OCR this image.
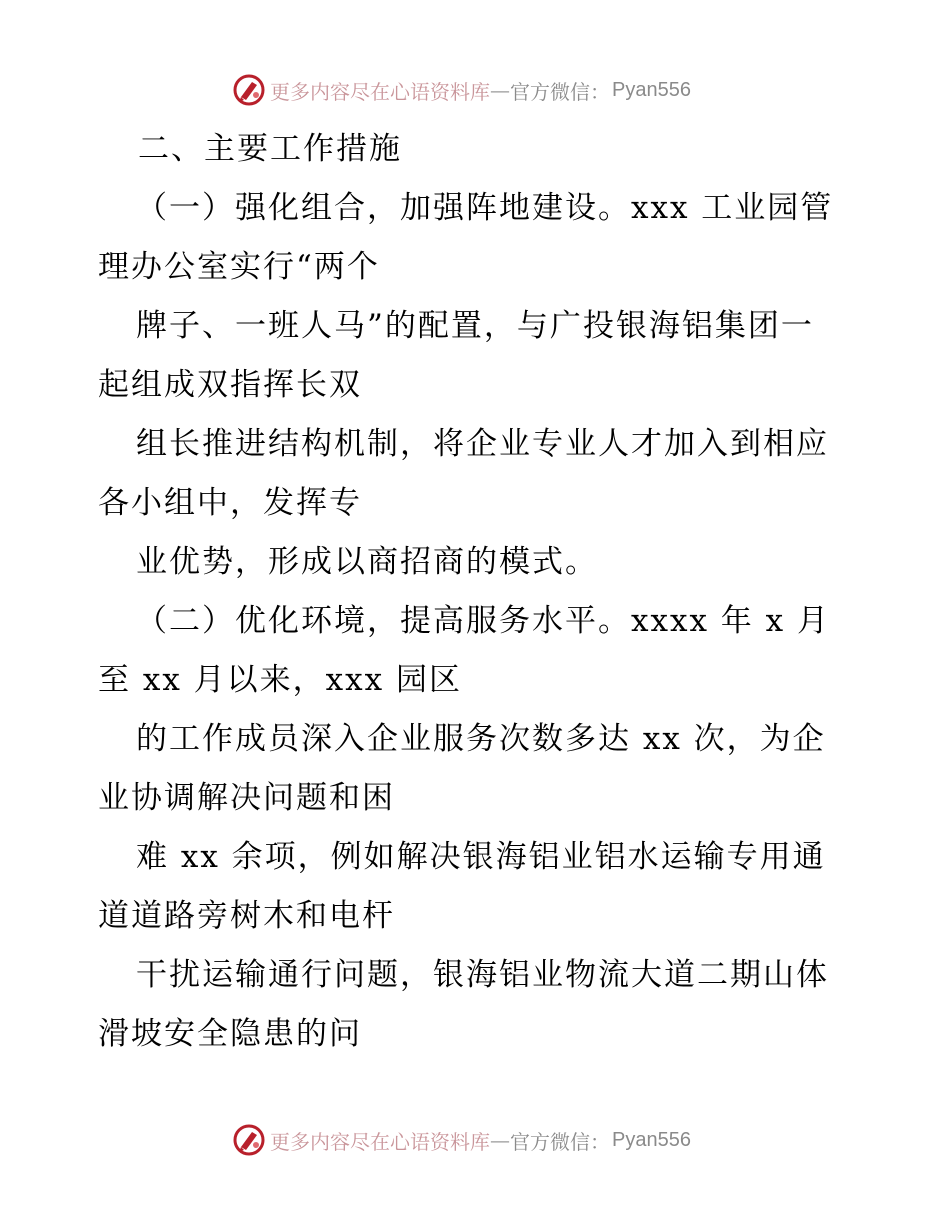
更多内容尽在心语资料库 — 官方微信： Pyan556
二、主要工作措施
（一）强化组合，加强阵地建设。xxx 工业园管
理办公室实行“两个
牌子、一班人马”的配置，与广投银海铝集团一
起组成双指挥长双
组长推进结构机制，将企业专业人才加入到相应
各小组中，发挥专
业优势，形成以商招商的模式。
（二）优化环境，提高服务水平。xxxx 年 x 月
至 xx 月以来，xxx 园区
的工作成员深入企业服务次数多达 xx 次，为企
业协调解决问题和困
难 xx 余项，例如解决银海铝业铝水运输专用通
道道路旁树木和电杆
干扰运输通行问题，银海铝业物流大道二期山体
滑坡安全隐患的问
更多内容尽在心语资料库 — 官方微信： Pyan556
